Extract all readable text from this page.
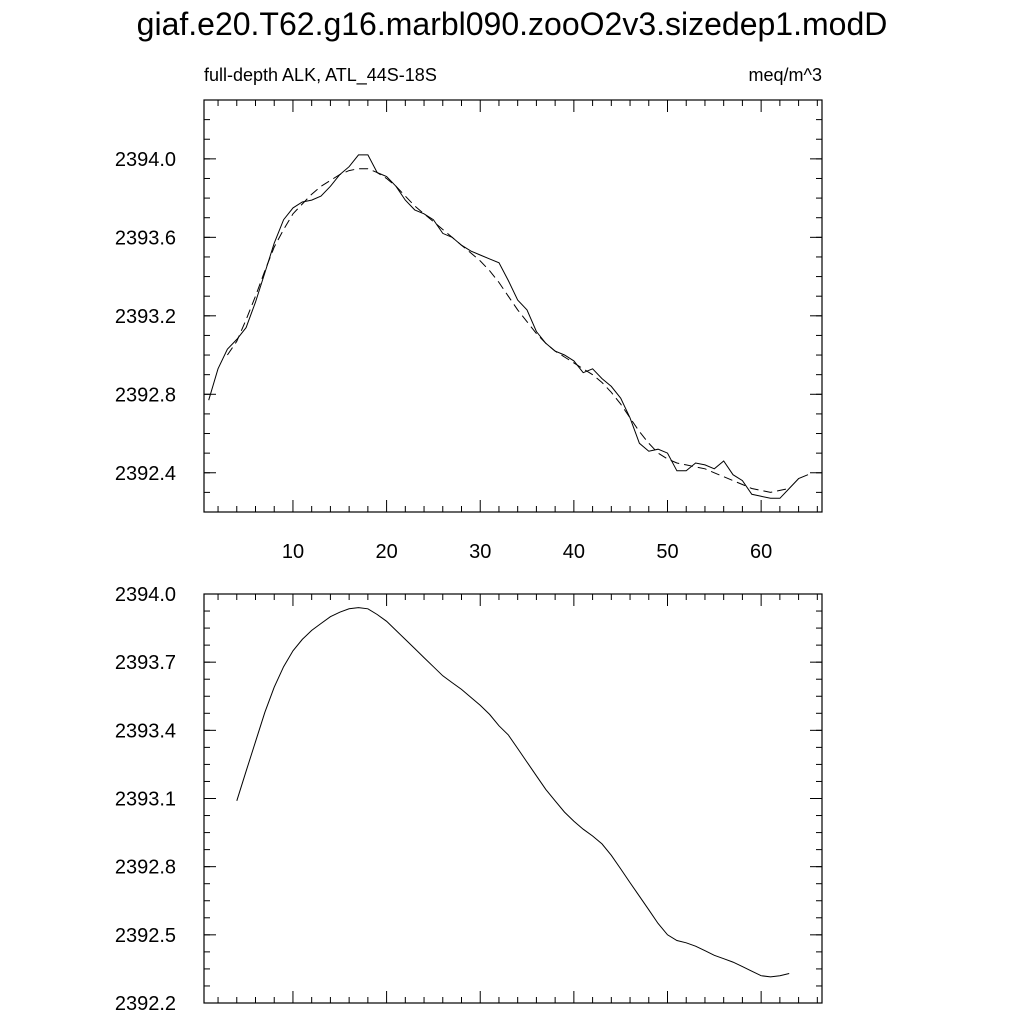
giaf.e20.T62.g16.marbl090.zooO2v3.sizedep1.modD
full-depth ALK, ATL_44S-18S	meq/m^3
10	20	30	40	50	60
2392.4
2392.8
2393.2
2393.6
2394.0
2392.2
2392.5
2392.8
2393.1
2393.4
2393.7
2394.0
